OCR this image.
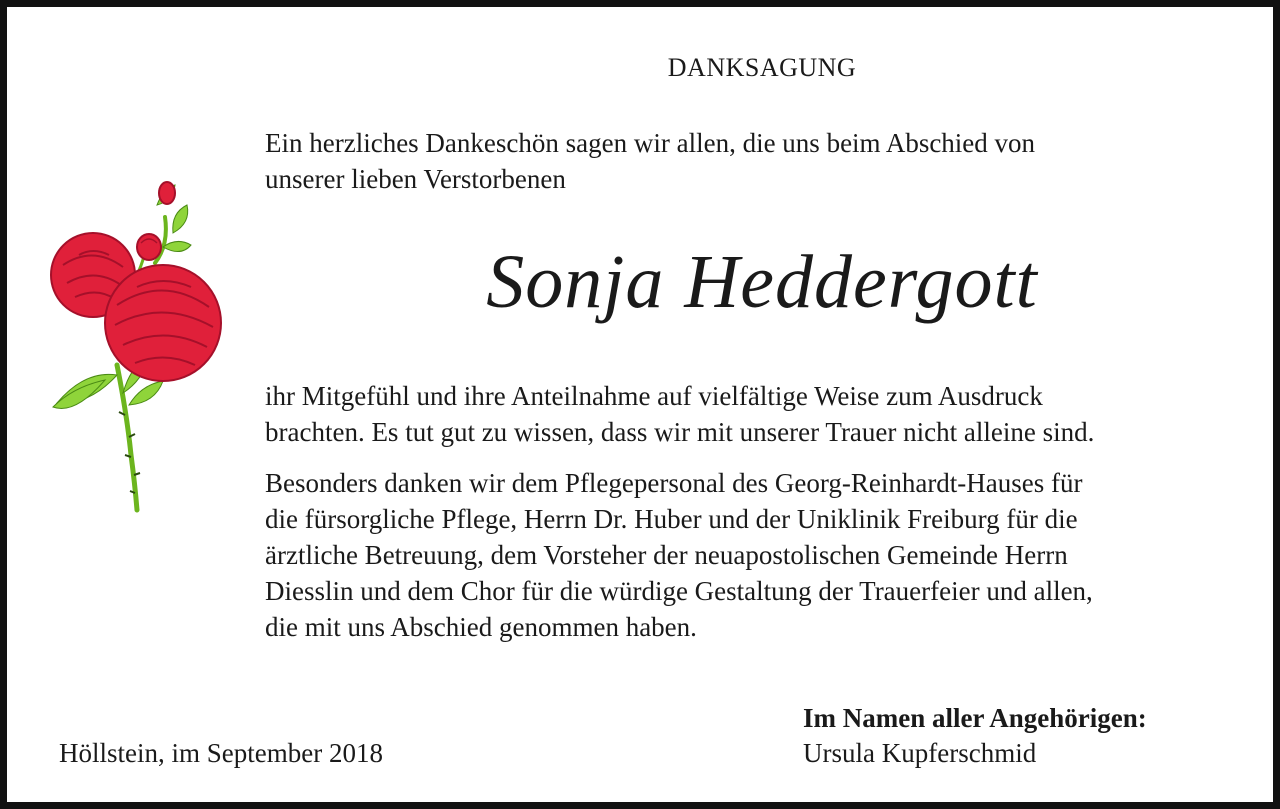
DANKSAGUNG
Ein herzliches Dankeschön sagen wir allen, die uns beim Abschied von
unserer lieben Verstorbenen
Sonja Heddergott
ihr Mitgefühl und ihre Anteilnahme auf vielfältige Weise zum Ausdruck
brachten. Es tut gut zu wissen, dass wir mit unserer Trauer nicht alleine sind.
Besonders danken wir dem Pflegepersonal des Georg-Reinhardt-Hauses für
die fürsorgliche Pflege, Herrn Dr. Huber und der Uniklinik Freiburg für die
ärztliche Betreuung, dem Vorsteher der neuapostolischen Gemeinde Herrn
Diesslin und dem Chor für die würdige Gestaltung der Trauerfeier und allen,
die mit uns Abschied genommen haben.
Höllstein, im September 2018
Im Namen aller Angehörigen:
Ursula Kupferschmid
